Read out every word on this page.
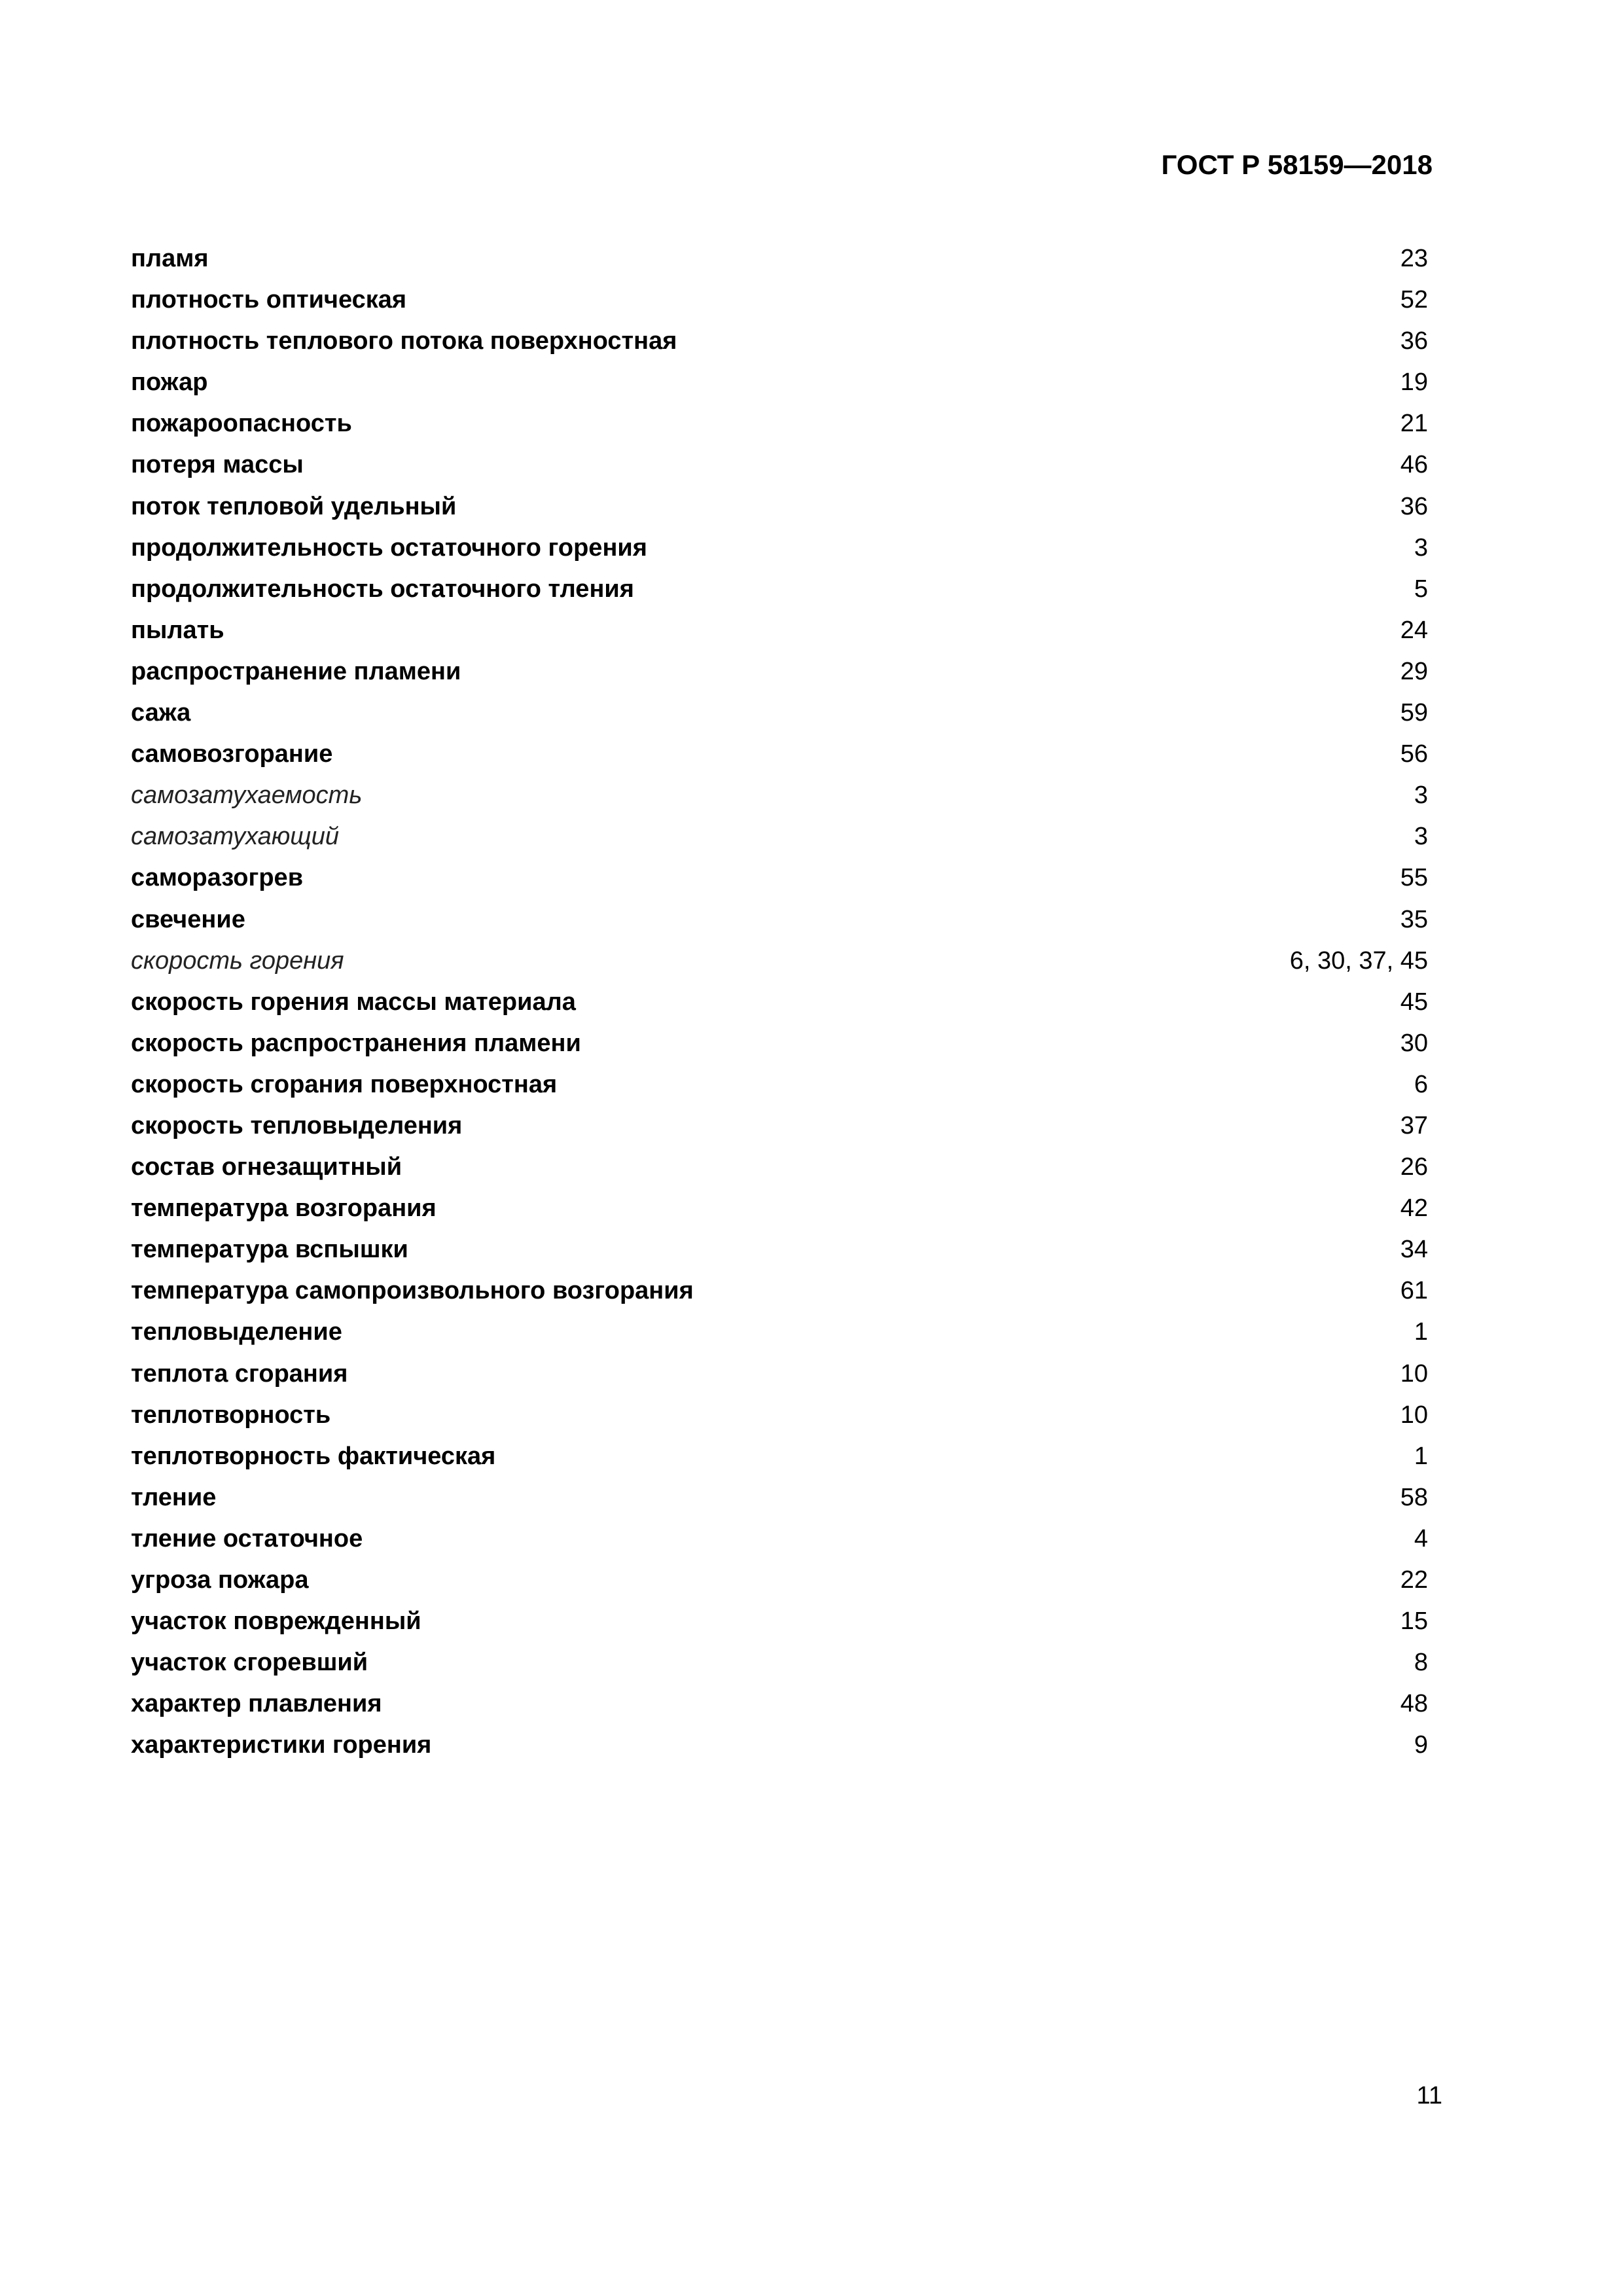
ГОСТ Р 58159—2018
пламя	23
плотность оптическая	52
плотность теплового потока поверхностная	36
пожар	19
пожароопасность	21
потеря массы	46
поток тепловой удельный	36
продолжительность остаточного горения	3
продолжительность остаточного тления	5
пылать	24
распространение пламени	29
сажа	59
самовозгорание	56
самозатухаемость	3
самозатухающий	3
саморазогрев	55
свечение	35
скорость горения	6, 30, 37, 45
скорость горения массы материала	45
скорость распространения пламени	30
скорость сгорания поверхностная	6
скорость тепловыделения	37
состав огнезащитный	26
температура возгорания	42
температура вспышки	34
температура самопроизвольного возгорания	61
тепловыделение	1
теплота сгорания	10
теплотворность	10
теплотворность фактическая	1
тление	58
тление остаточное	4
угроза пожара	22
участок поврежденный	15
участок сгоревший	8
характер плавления	48
характеристики горения	9
11
